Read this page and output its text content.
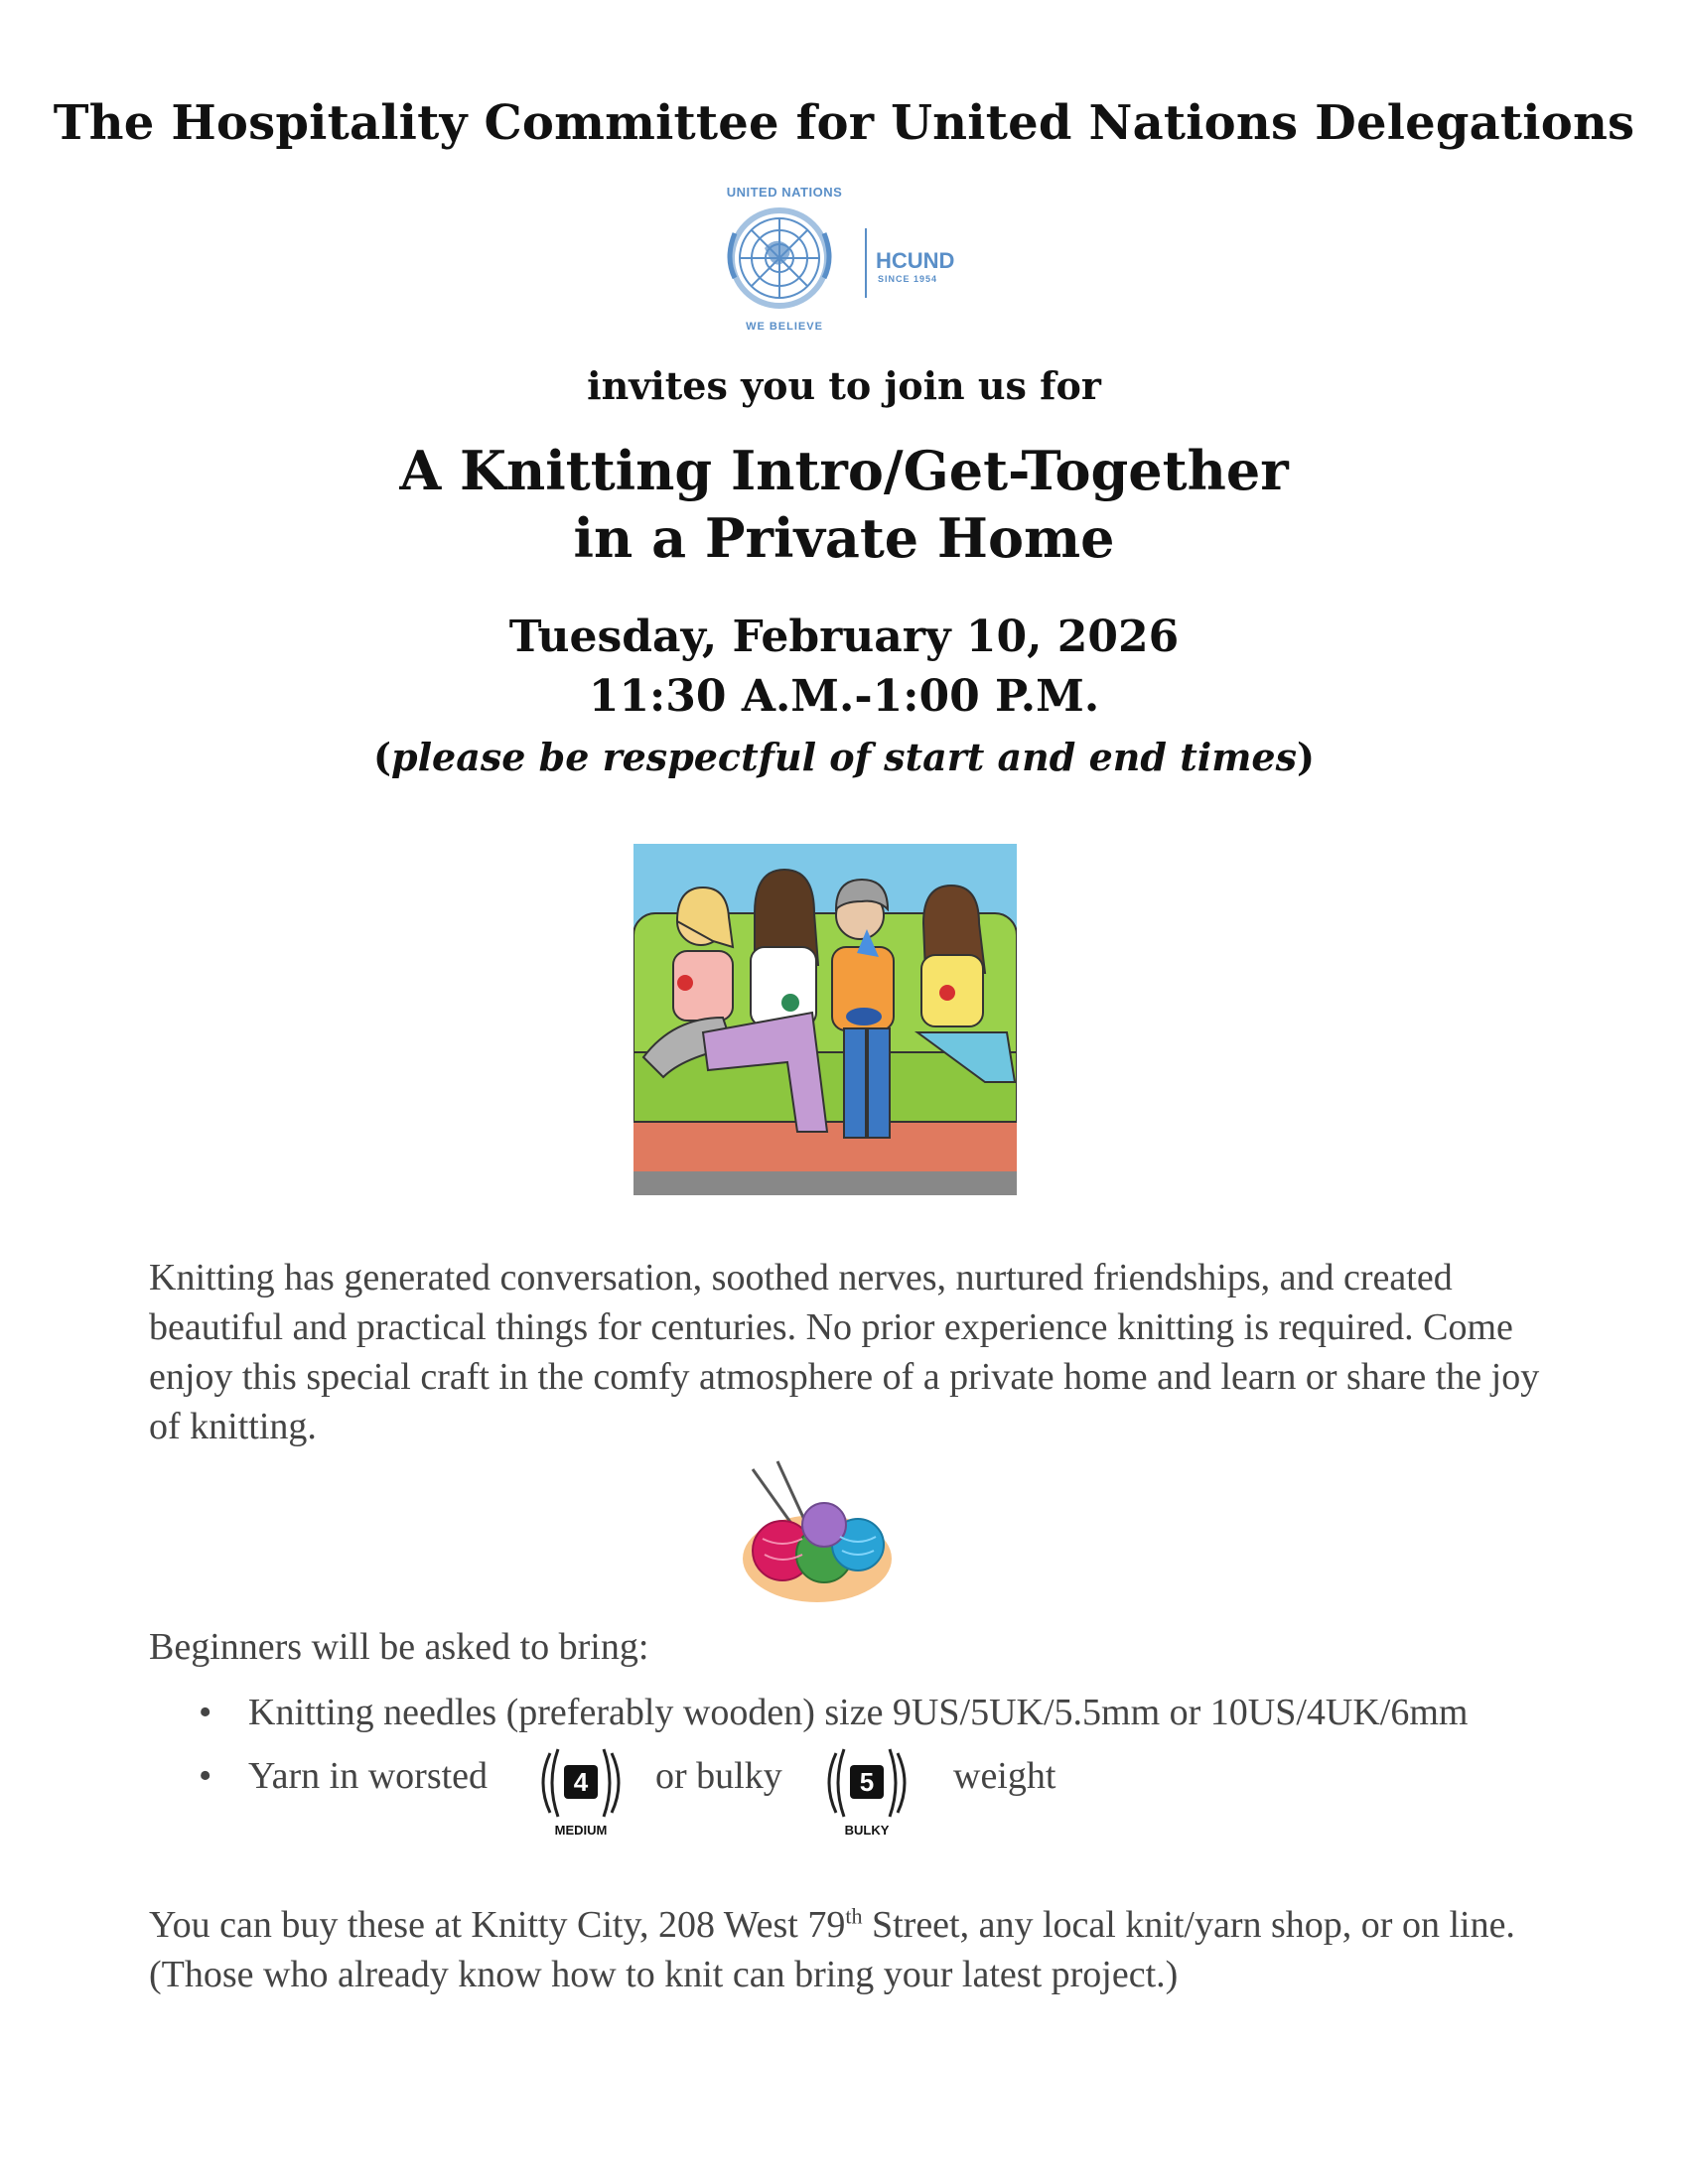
The Hospitality Committee for United Nations Delegations
UNITED NATIONS
WE BELIEVE
HCUND
SINCE 1954
invites you to join us for
A Knitting Intro/Get-Together
in a Private Home
Tuesday, February 10, 2026
11:30 A.M.-1:00 P.M.
(please be respectful of start and end times)
Knitting has generated conversation, soothed nerves, nurtured friendships, and created beautiful and practical things for centuries. No prior experience knitting is required. Come enjoy this special craft in the comfy atmosphere of a private home and learn or share the joy of knitting.
Beginners will be asked to bring:
• Knitting needles (preferably wooden) size 9US/5UK/5.5mm or 10US/4UK/6mm
• Yarn in worsted	4
MEDIUM
or bulky	5
BULKY
weight
You can buy these at Knitty City, 208 West 79th Street, any local knit/yarn shop, or on line. (Those who already know how to knit can bring your latest project.)
